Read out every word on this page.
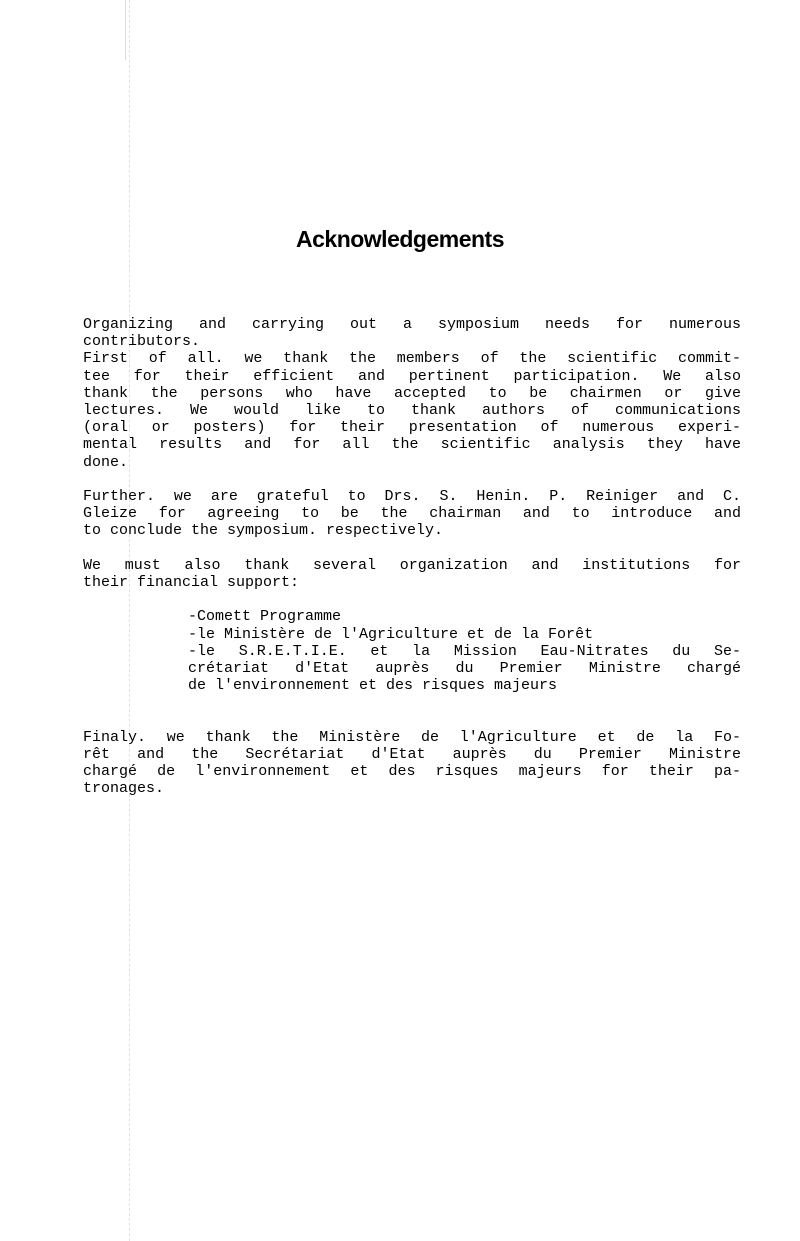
Acknowledgements
Organizing and carrying out a symposium needs for numerous
contributors.
First of all. we thank the members of the scientific commit-
tee for their efficient and pertinent participation. We also
thank the persons who have accepted to be chairmen or give
lectures. We would like to thank authors of communications
(oral or posters) for their presentation of numerous experi-
mental results and for all the scientific analysis they have
done.
Further. we are grateful to Drs. S. Henin. P. Reiniger and C.
Gleize for agreeing to be the chairman and to introduce and
to conclude the symposium. respectively.
We must also thank several organization and institutions for
their financial support:
-Comett Programme
-le Ministère de l'Agriculture et de la Forêt
-le S.R.E.T.I.E. et la Mission Eau-Nitrates du Se-
crétariat d'Etat auprès du Premier Ministre chargé
de l'environnement et des risques majeurs
Finaly. we thank the Ministère de l'Agriculture et de la Fo-
rêt and the Secrétariat d'Etat auprès du Premier Ministre
chargé de l'environnement et des risques majeurs for their pa-
tronages.
